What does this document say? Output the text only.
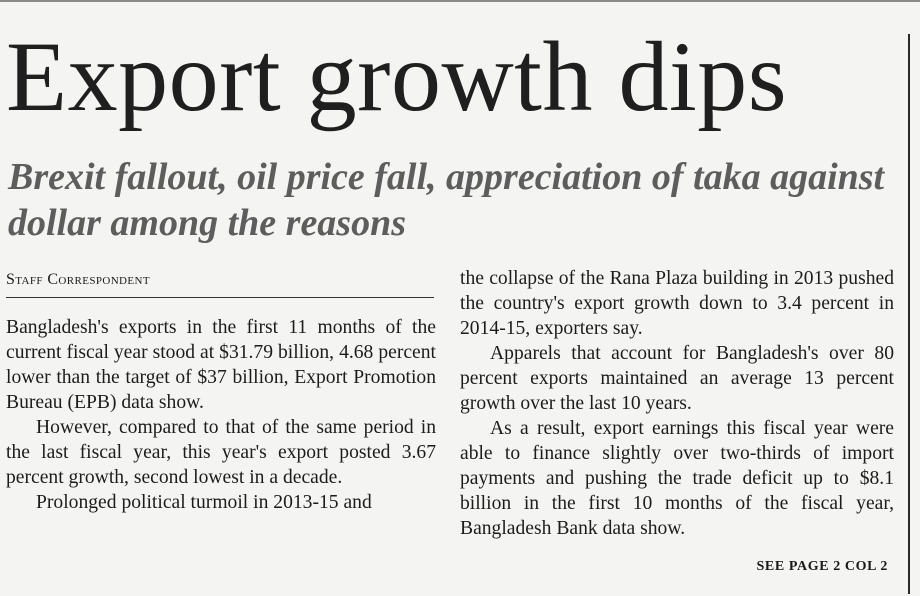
Export growth dips
Brexit fallout, oil price fall, appreciation of taka against dollar among the reasons
Staff Correspondent

Bangladesh's exports in the first 11 months of the current fiscal year stood at $31.79 billion, 4.68 percent lower than the target of $37 billion, Export Promotion Bureau (EPB) data show.

However, compared to that of the same period in the last fiscal year, this year's export posted 3.67 percent growth, second lowest in a decade.

Prolonged political turmoil in 2013-15 and

the collapse of the Rana Plaza building in 2013 pushed the country's export growth down to 3.4 percent in 2014-15, exporters say.

Apparels that account for Bangladesh's over 80 percent exports maintained an average 13 percent growth over the last 10 years.

As a result, export earnings this fiscal year were able to finance slightly over two-thirds of import payments and pushing the trade deficit up to $8.1 billion in the first 10 months of the fiscal year, Bangladesh Bank data show.

SEE PAGE 2 COL 2
